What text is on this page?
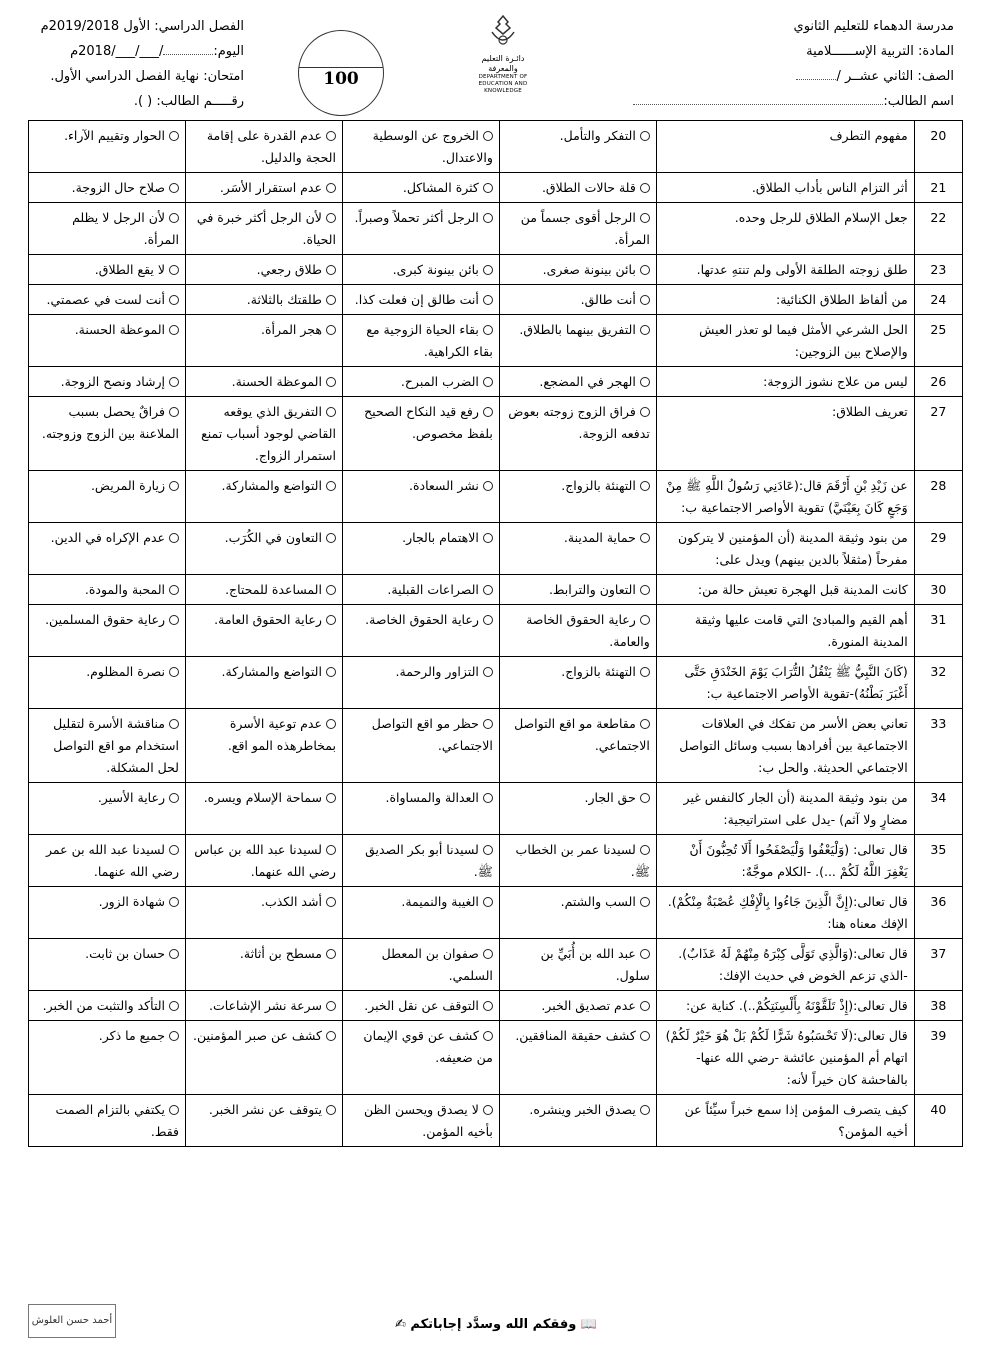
مدرسة الدهماء للتعليم الثانوي
المادة: التربية الإســــــلامية
الصف: الثاني عشــر /
اسم الطالب:
دائـرة التعليم والمعرفة
DEPARTMENT OF EDUCATION AND KNOWLEDGE
100
الفصل الدراسي: الأول 2019/2018م
اليوم:/___/___/2018م
امتحان: نهاية الفصل الدراسي الأول.
رقـــــم الطالب: ( ).
20	مفهوم التطرف	التفكر والتأمل.	الخروج عن الوسطية والاعتدال.	عدم القدرة على إقامة الحجة والدليل.	الحوار وتقييم الآراء.
21	أثر التزام الناس بأداب الطلاق.	قلة حالات الطلاق.	كثرة المشاكل.	عدم استقرار الأسَر.	صلاح حال الزوجة.
22	جعل الإسلام الطلاق للرجل وحده.	الرجل أقوى جسماً من المرأة.	الرجل أكثر تحملاً وصبراً.	لأن الرجل أكثر خبرة في الحياة.	لأن الرجل لا يظلم المرأة.
23	طلق زوجته الطلقة الأولى ولم تنتهِ عدتها.	بائن بينونة صغرى.	بائن بينونة كبرى.	طلاق رجعي.	لا يقع الطلاق.
24	من ألفاظ الطلاق الكنائية:	أنت طالق.	أنت طالق إن فعلت كذا.	طلقتك بالثلاثة.	أنت لست في عصمتي.
25	الحل الشرعي الأمثل فيما لو تعذر العيش والإصلاح بين الزوجين:	التفريق بينهما بالطلاق.	بقاء الحياة الزوجية مع بقاء الكراهية.	هجر المرأة.	الموعظة الحسنة.
26	ليس من علاج نشوز الزوجة:	الهجر في المضجع.	الضرب المبرح.	الموعظة الحسنة.	إرشاد ونصح الزوجة.
27	تعريف الطلاق:	فراق الزوج زوجته بعوض تدفعه الزوجة.	رفع قيد النكاح الصحيح بلفظ مخصوص.	التفريق الذي يوقعه القاضي لوجود أسباب تمنع استمرار الزواج.	فراقٌ يحصل بسبب الملاعنة بين الزوج وزوجته.
28	عن زَيْدِ بْنِ أَرْقَمَ قال:(عَادَنِي رَسُولُ اللَّهِ ﷺ مِنْ وَجَعٍ كَانَ بِعَيْنَيَّ) تقوية الأواصر الاجتماعية ب:	التهنئة بالزواج.	نشر السعادة.	التواضع والمشاركة.	زيارة المريض.
29	من بنود وثيقة المدينة (أن المؤمنين لا يتركون مفرحاً (مثقلاً بالدين بينهم) ويدل على:	حماية المدينة.	الاهتمام بالجار.	التعاون في الكُرَب.	عدم الإكراه في الدين.
30	كانت المدينة قبل الهجرة تعيش حالة من:	التعاون والترابط.	الصراعات القبلية.	المساعدة للمحتاج.	المحبة والمودة.
31	أهم القيم والمبادئ التي قامت عليها وثيقة المدينة المنورة.	رعاية الحقوق الخاصة والعامة.	رعاية الحقوق الخاصة.	رعاية الحقوق العامة.	رعاية حقوق المسلمين.
32	(كَانَ النَّبِيُّ ﷺ يَنْقُلُ التُّرَابَ يَوْمَ الخَنْدَقِ حَتَّى أَغْبَرَ بَطْنُهُ)-تقوية الأواصر الاجتماعية ب:	التهنئة بالزواج.	التزاور والرحمة.	التواضع والمشاركة.	نصرة المظلوم.
33	تعاني بعض الأسر من تفكك في العلاقات الاجتماعية بين أفرادها بسبب وسائل التواصل الاجتماعي الحديثة. والحل ب:	مقاطعة مو اقع التواصل الاجتماعي.	حظر مو اقع التواصل الاجتماعي.	عدم توعية الأسرة بمخاطرهذه المو اقع.	مناقشة الأسرة لتقليل استخدام مو اقع التواصل لحل المشكلة.
34	من بنود وثيقة المدينة (أن الجار كالنفس غير مضارٍ ولا آثم) -يدل على استراتيجية:	حق الجار.	العدالة والمساواة.	سماحة الإسلام ويسره.	رعاية الأسير.
35	قال تعالى: (وَلْيَعْفُوا وَلْيَصْفَحُوا أَلَا تُحِبُّونَ أَنْ يَغْفِرَ اللَّهُ لَكُمْ ...). -الكلام موجَّهٌ:	لسيدنا عمر بن الخطاب ﷺ.	لسيدنا أبو بكر الصديق ﷺ.	لسيدنا عبد الله بن عباس رضي الله عنهما.	لسيدنا عبد الله بن عمر رضي الله عنهما.
36	قال تعالى:(إِنَّ الَّذِينَ جَاءُوا بِالْإِفْكِ عُصْبَةٌ مِنْكُمْ). الإفك معناه هنا:	السب والشتم.	الغيبة والنميمة.	أشد الكذب.	شهادة الزور.
37	قال تعالى:(وَالَّذِي تَوَلَّى كِبْرَهُ مِنْهُمْ لَهُ عَذَابٌ). -الذي تزعم الخوض في حديث الإفك:	عبد الله بن أُبَيِّ بن سلول.	صفوان بن المعطل السلمي.	مسطح بن أثاثة.	حسان بن ثابت.
38	قال تعالى:(إِذْ تَلَقَّوْنَهُ بِأَلْسِنَتِكُمْ..). كناية عن:	عدم تصديق الخبر.	التوقف عن نقل الخبر.	سرعة نشر الإشاعات.	التأكد والتثبت من الخبر.
39	قال تعالى:(لَا تَحْسَبُوهُ شَرًّا لَكُمْ بَلْ هُوَ خَيْرٌ لَكُمْ) اتهام أم المؤمنين عائشة -رضي الله عنها-بالفاحشة كان خيراً لأنه:	كشف حقيقة المنافقين.	كشف عن قوي الإيمان من ضعيفه.	كشف عن صبر المؤمنين.	جميع ما ذكر.
40	كيف يتصرف المؤمن إذا سمع خبراً سيِّئاً عن أخيه المؤمن؟	يصدق الخبر وينشره.	لا يصدق ويحسن الظن بأخيه المؤمن.	يتوقف عن نشر الخبر.	يكتفي بالتزام الصمت فقط.
أحمد حسن العلوش	📖 وفقكم الله وسدَّد إجاباتكم ✍
